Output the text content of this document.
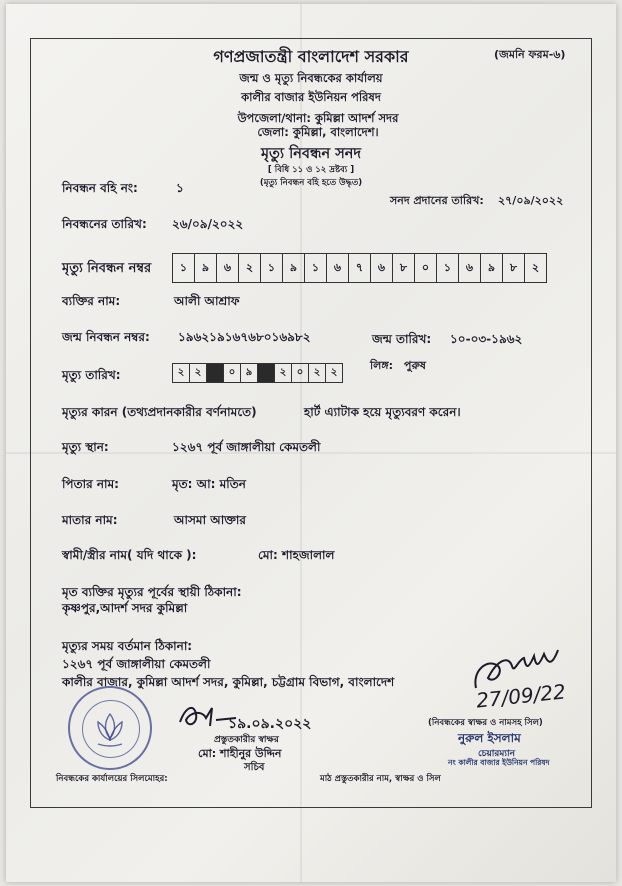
(জমনি ফরম-৬)
গণপ্রজাতন্ত্রী বাংলাদেশ সরকার
জন্ম ও মৃত্যু নিবন্ধকের কার্যালয়
কালীর বাজার ইউনিয়ন পরিষদ
উপজেলা/থানা: কুমিল্লা আদর্শ সদর
জেলা: কুমিল্লা, বাংলাদেশ।
মৃত্যু নিবন্ধন সনদ
[ বিধি ১১ ও ১২ দ্রষ্টব্য ]
(মৃত্যু নিবন্ধন বহি হতে উদ্ধৃত)
নিবন্ধন বহি নং:	১
সনদ প্রদানের তারিখ: ২৭/০৯/২০২২
নিবন্ধনের তারিখ: ২৬/০৯/২০২২
মৃত্যু নিবন্ধন নম্বর	১	৯	৬	২	১	৯	১	৬	৭	৬	৮	০	১	৬	৯	৮	২
ব্যক্তির নাম:	আলী আশ্রাফ
জন্ম নিবন্ধন নম্বর: ১৯৬২১৯১৬৭৬৮০১৬৯৮২	জন্ম তারিখ: ১০-০৩-১৯৬২
লিঙ্গ: পুরুষ
মৃত্যু তারিখ:	২	২	০	৯	২	০	২	২
মৃত্যুর কারন (তথ্যপ্রদানকারীর বর্ণনামতে)	হার্ট এ্যাটাক হয়ে মৃত্যুবরণ করেন।
মৃত্যু স্থান:	১২৬৭ পূর্ব জাঙ্গালীয়া কেমতলী
পিতার নাম:	মৃত: আ: মতিন
মাতার নাম:	আসমা আক্তার
স্বামী/স্ত্রীর নাম( যদি থাকে ):	মো: শাহজালাল
মৃত ব্যক্তির মৃত্যুর পূর্বের স্থায়ী ঠিকানা:
কৃষ্ণপুর,আদর্শ সদর কুমিল্লা
মৃত্যুর সময় বর্তমান ঠিকানা:
১২৬৭ পূর্ব জাঙ্গালীয়া কেমতলী
কালীর বাজার, কুমিল্লা আদর্শ সদর, কুমিল্লা, চট্টগ্রাম বিভাগ, বাংলাদেশ
১৯.০৯.২০২২
প্রস্তুতকারীর স্বাক্ষর
মো: শাহীনুর উদ্দিন
সচিব
নিবন্ধকের কার্যালয়ের সিলমোহর:	মাঠ প্রস্তুতকারীর নাম, স্বাক্ষর ও সিল
27/09/22
(নিবন্ধকের স্বাক্ষর ও নামসহ সিল)
নুরুল ইসলাম
চেয়ারম্যান
নং কালীর বাজার ইউনিয়ন পরিষদ
